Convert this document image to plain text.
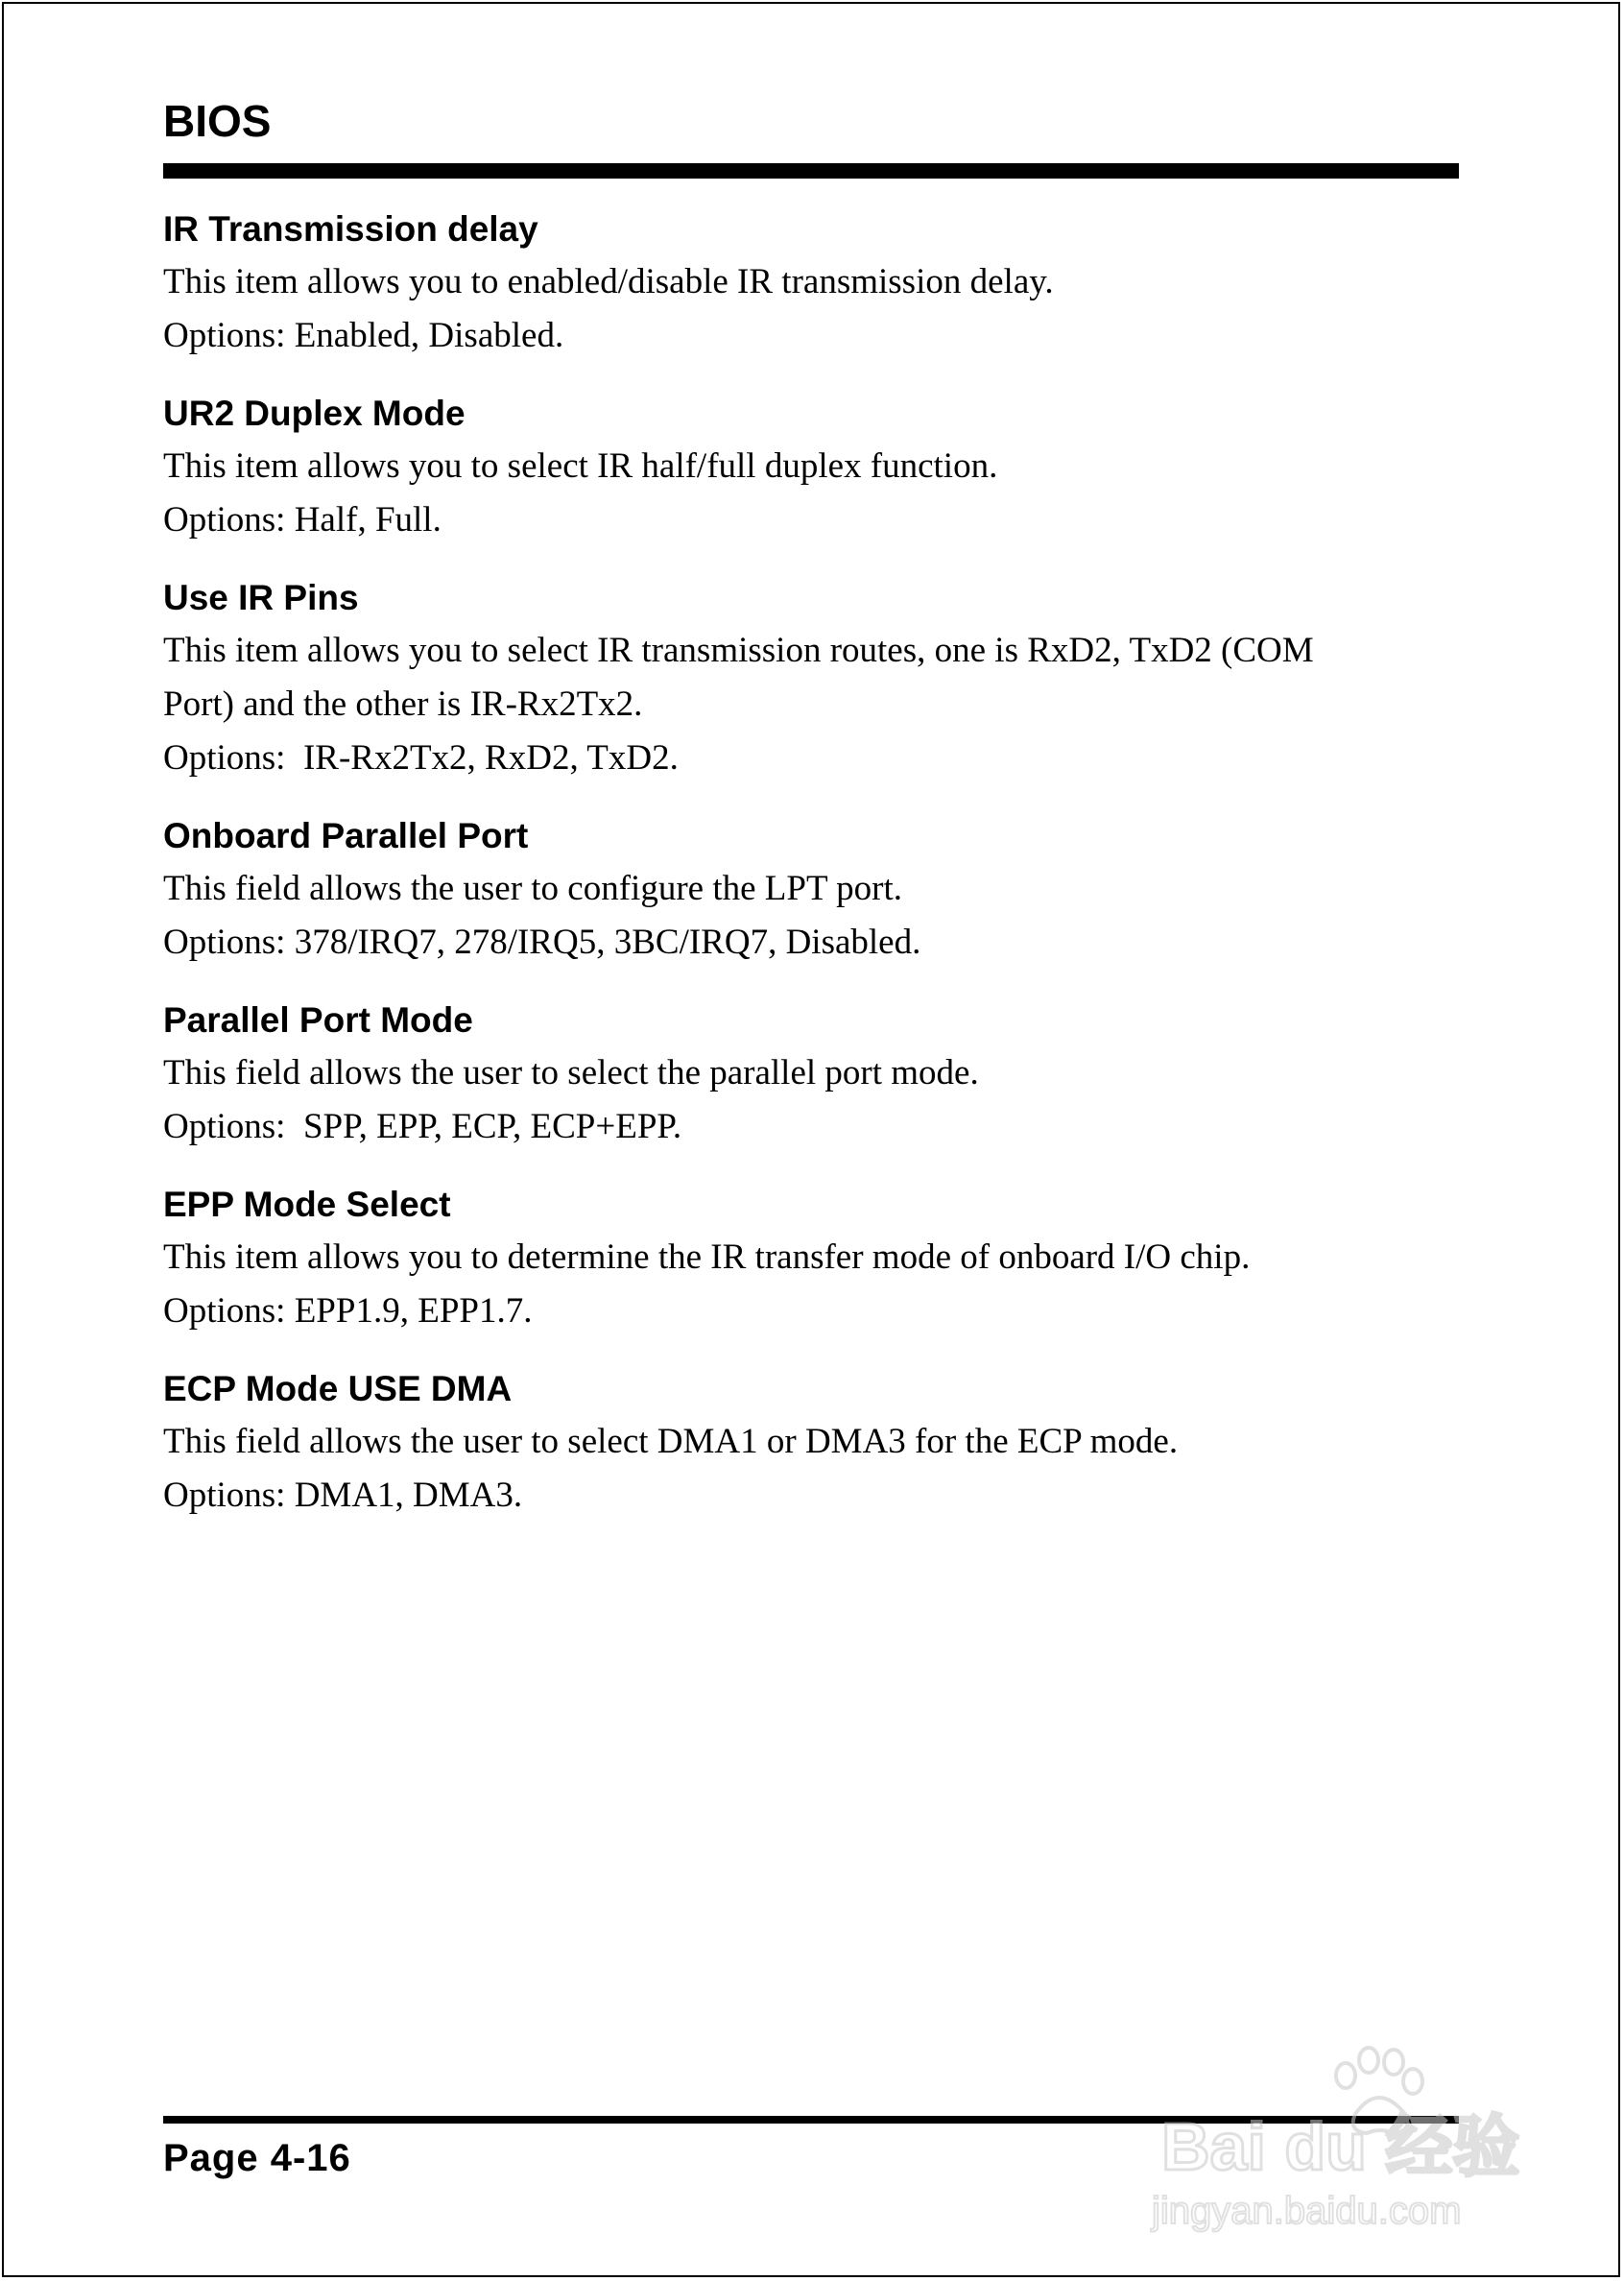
BIOS

IR Transmission delay

This item allows you to enabled/disable IR transmission delay.

Options: Enabled, Disabled.

UR2 Duplex Mode

This item allows you to select IR half/full duplex function.

Options: Half, Full.

Use IR Pins

This item allows you to select IR transmission routes, one is RxD2, TxD2 (COM

Port) and the other is IR-Rx2Tx2.

Options:  IR-Rx2Tx2, RxD2, TxD2.

Onboard Parallel Port

This field allows the user to configure the LPT port.

Options: 378/IRQ7, 278/IRQ5, 3BC/IRQ7, Disabled.

Parallel Port Mode

This field allows the user to select the parallel port mode.

Options:  SPP, EPP, ECP, ECP+EPP.

EPP Mode Select

This item allows you to determine the IR transfer mode of onboard I/O chip.

Options: EPP1.9, EPP1.7.

ECP Mode USE DMA

This field allows the user to select DMA1 or DMA3 for the ECP mode.

Options: DMA1, DMA3.

Page 4-16	Bai du 经验
jingyan.baidu.com
